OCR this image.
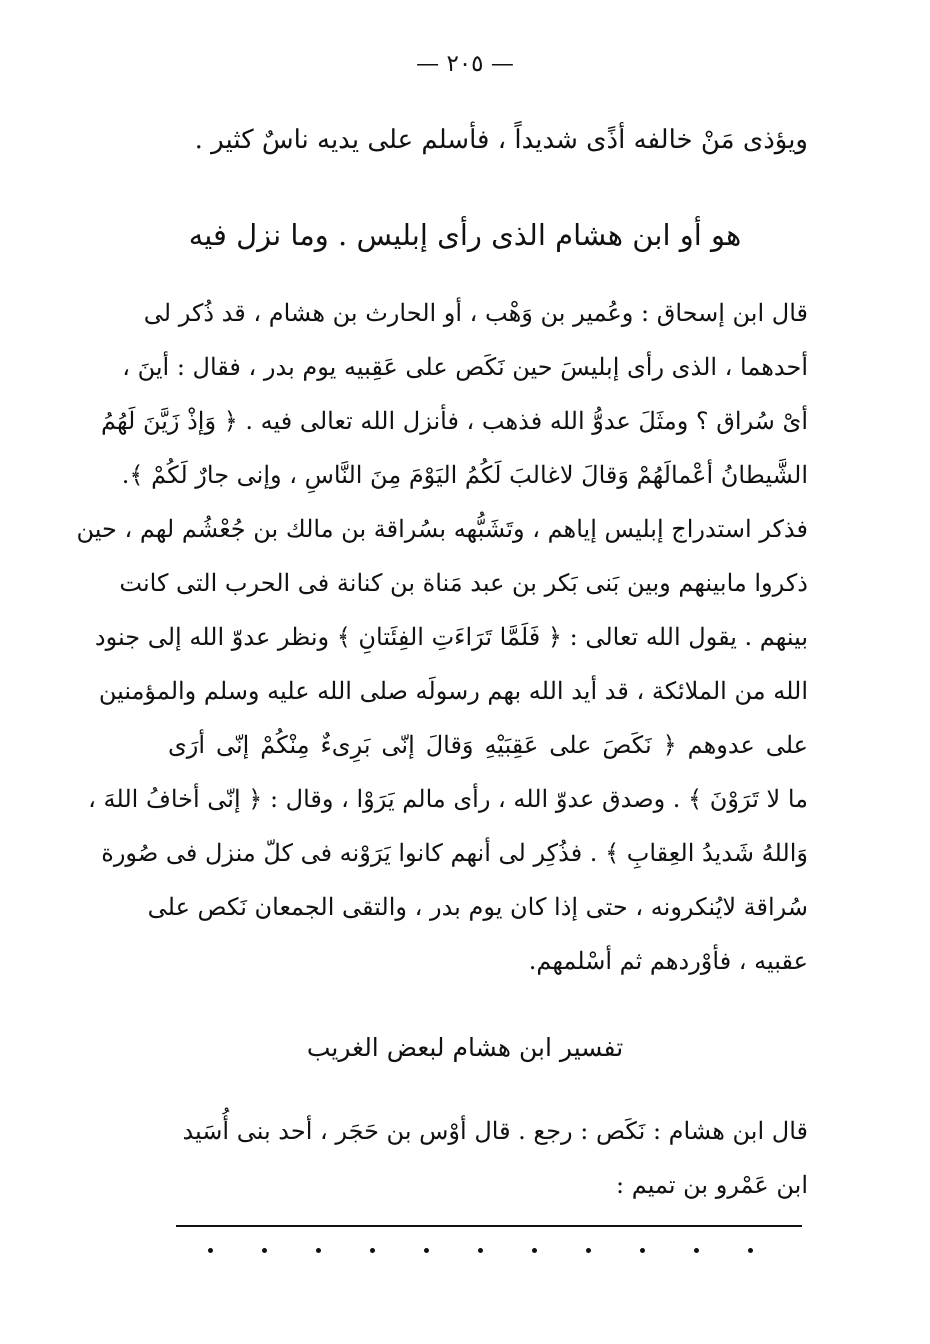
— ٢٠٥ —
ويؤذى مَنْ خالفه أذًى شديداً ، فأسلم على يديه ناسٌ كثير .
هو أو ابن هشام الذى رأى إبليس . وما نزل فيه
قال ابن إسحاق : وعُمير بن وَهْب ، أو الحارث بن هشام ، قد ذُكر لى
أحدهما ، الذى رأى إبليسَ حين نَكَص على عَقِبيه يوم بدر ، فقال : أينَ ،
أىْ سُراق ؟ ومثَلَ عدوُّ الله فذهب ، فأنزل الله تعالى فيه . ﴿ وَإذْ زَيَّنَ لَهُمُ
الشَّيطانُ أعْمالَهُمْ وَقالَ لاغالبَ لَكُمُ اليَوْمَ مِنَ النَّاسِ ، وإنى جارٌ لَكُمْ ﴾.
فذكر استدراج إبليس إياهم ، وتَشَبُّهه بسُراقة بن مالك بن جُعْشُم لهم ، حين
ذكروا مابينهم وبين بَنى بَكر بن عبد مَناة بن كنانة فى الحرب التى كانت
بينهم . يقول الله تعالى : ﴿ فَلَمَّا تَرَاءَتِ الفِئَتانِ ﴾ ونظر عدوّ الله إلى جنود
الله من الملائكة ، قد أيد الله بهم رسولَه صلى الله عليه وسلم والمؤمنين
على عدوهم ﴿ نَكَصَ على عَقِبَيْهِ وَقالَ إنّى بَرِىءٌ مِنْكُمْ إنّى أرَى
ما لا تَرَوْنَ ﴾ . وصدق عدوّ الله ، رأى مالم يَرَوْا ، وقال : ﴿ إنّى أخافُ اللهَ ،
وَاللهُ شَديدُ العِقابِ ﴾ . فذُكِر لى أنهم كانوا يَرَوْنه فى كلّ منزل فى صُورة
سُراقة لايُنكرونه ، حتى إذا كان يوم بدر ، والتقى الجمعان نَكص على
عقبيه ، فأوْردهم ثم أسْلمهم.
تفسير ابن هشام لبعض الغريب
قال ابن هشام : نَكَص : رجع . قال أوْس بن حَجَر ، أحد بنى أُسَيد
ابن عَمْرو بن تميم :
